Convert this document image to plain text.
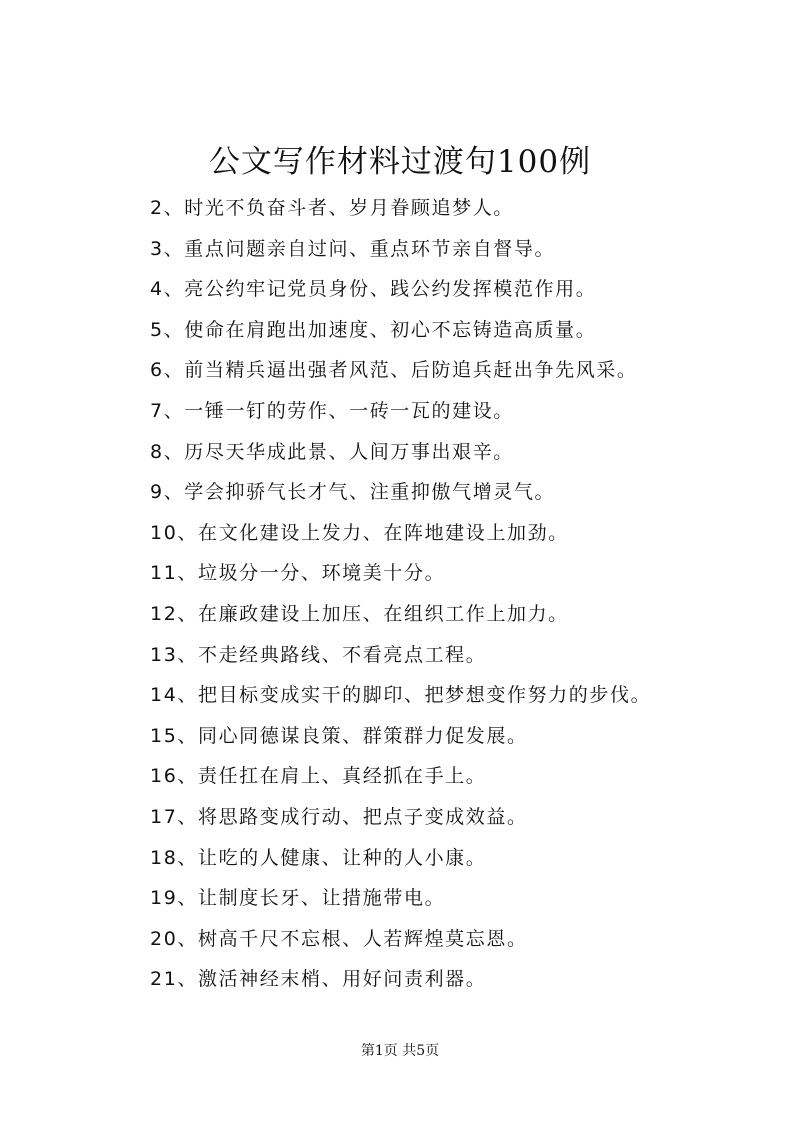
公文写作材料过渡句100例
2、时光不负奋斗者、岁月眷顾追梦人。
3、重点问题亲自过问、重点环节亲自督导。
4、亮公约牢记党员身份、践公约发挥模范作用。
5、使命在肩跑出加速度、初心不忘铸造高质量。
6、前当精兵逼出强者风范、后防追兵赶出争先风采。
7、一锤一钉的劳作、一砖一瓦的建设。
8、历尽天华成此景、人间万事出艰辛。
9、学会抑骄气长才气、注重抑傲气增灵气。
10、在文化建设上发力、在阵地建设上加劲。
11、垃圾分一分、环境美十分。
12、在廉政建设上加压、在组织工作上加力。
13、不走经典路线、不看亮点工程。
14、把目标变成实干的脚印、把梦想变作努力的步伐。
15、同心同德谋良策、群策群力促发展。
16、责任扛在肩上、真经抓在手上。
17、将思路变成行动、把点子变成效益。
18、让吃的人健康、让种的人小康。
19、让制度长牙、让措施带电。
20、树高千尺不忘根、人若辉煌莫忘恩。
21、激活神经末梢、用好问责利器。
第1页 共5页
